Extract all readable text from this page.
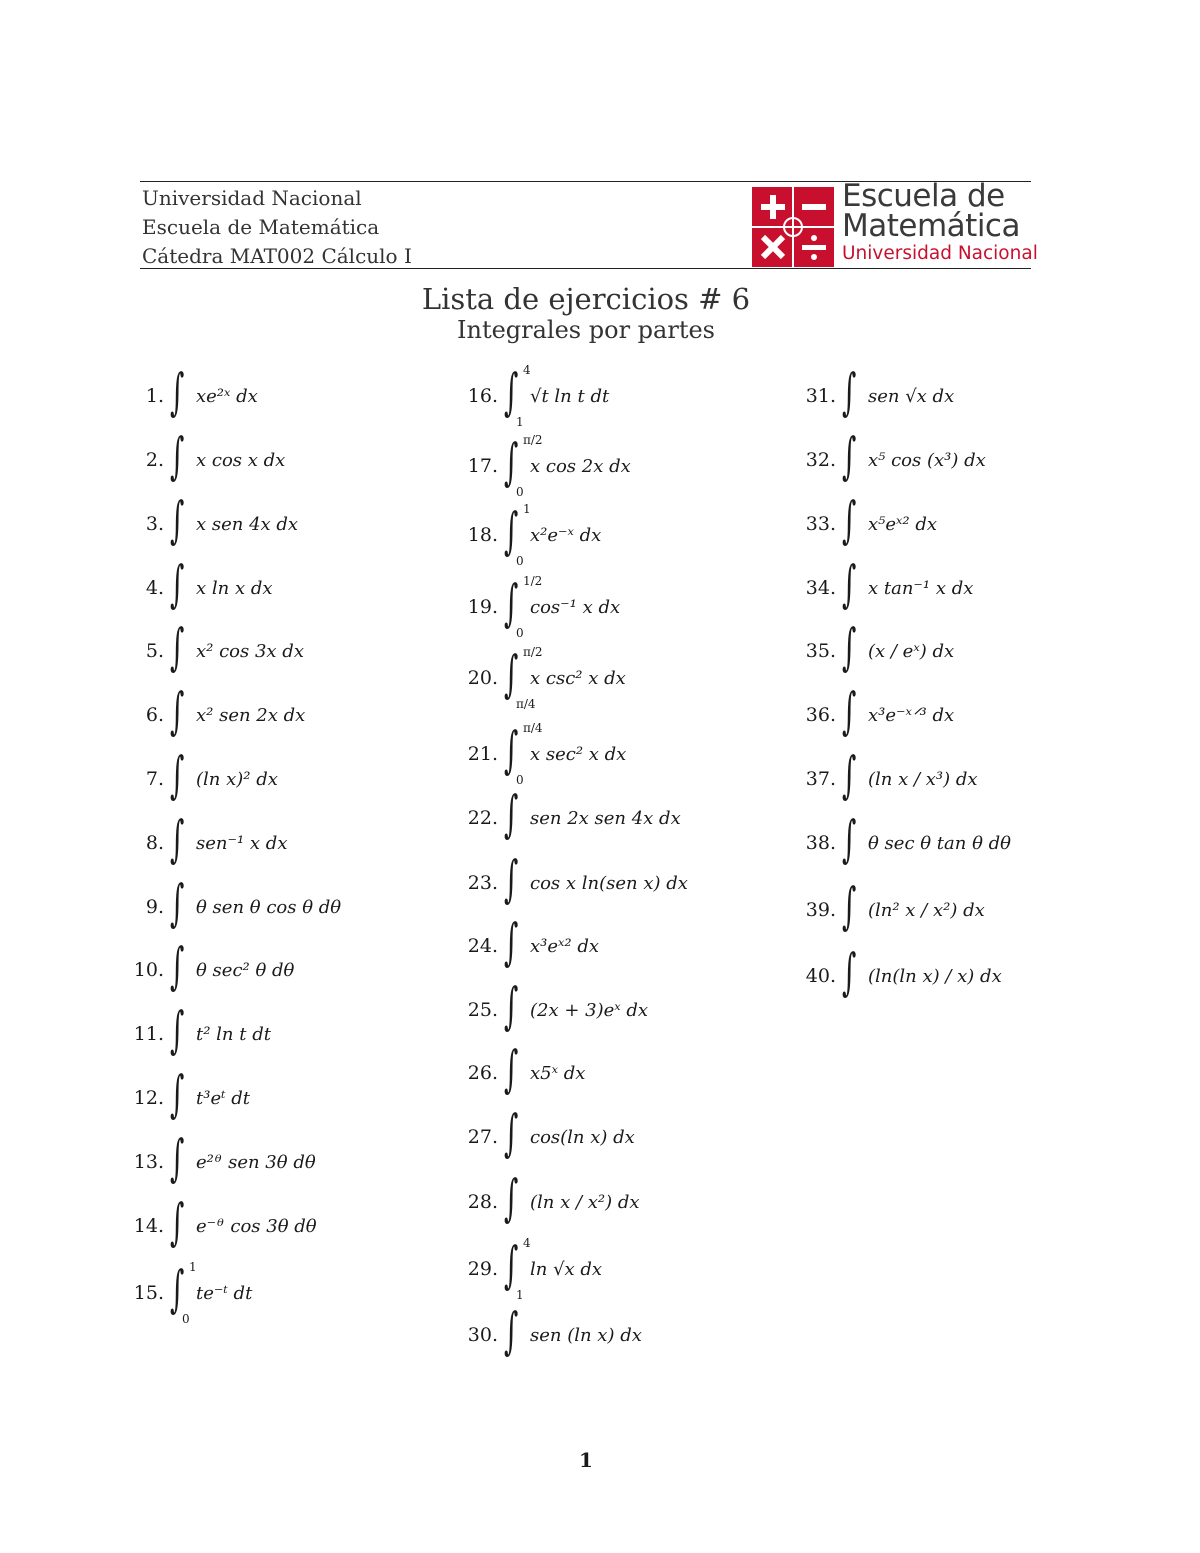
Universidad Nacional
Escuela de Matemática
Cátedra MAT002 Cálculo I
Escuela de
Matemática
Universidad Nacional
Lista de ejercicios # 6
Integrales por partes
1. ∫ xe²ˣ dx
2. ∫ x cos x dx
3. ∫ x sen 4x dx
4. ∫ x ln x dx
5. ∫ x² cos 3x dx
6. ∫ x² sen 2x dx
7. ∫ (ln x)² dx
8. ∫ sen⁻¹ x dx
9. ∫ θ sen θ cos θ dθ
10. ∫ θ sec² θ dθ
11. ∫ t² ln t dt
12. ∫ t³eᵗ dt
13. ∫ e²ᶿ sen 3θ dθ
14. ∫ e⁻ᶿ cos 3θ dθ
15. ∫ 1
0
te⁻ᵗ dt
16. ∫ 4
1
√t ln t dt
17. ∫ π/2
0
x cos 2x dx
18. ∫ 1
0
x²e⁻ˣ dx
19. ∫ 1/2
0
cos⁻¹ x dx
20. ∫ π/2
π/4
x csc² x dx
21. ∫ π/4
0
x sec² x dx
22. ∫ sen 2x sen 4x dx
23. ∫ cos x ln(sen x) dx
24. ∫ x³eˣ² dx
25. ∫ (2x + 3)eˣ dx
26. ∫ x5ˣ dx
27. ∫ cos(ln x) dx
28. ∫ (ln x / x²) dx
29. ∫ 4
1
ln √x dx
30. ∫ sen (ln x) dx
31. ∫ sen √x dx
32. ∫ x⁵ cos (x³) dx
33. ∫ x⁵eˣ² dx
34. ∫ x tan⁻¹ x dx
35. ∫ (x / eˣ) dx
36. ∫ x³e⁻ˣᐟ³ dx
37. ∫ (ln x / x³) dx
38. ∫ θ sec θ tan θ dθ
39. ∫ (ln² x / x²) dx
40. ∫ (ln(ln x) / x) dx
1
